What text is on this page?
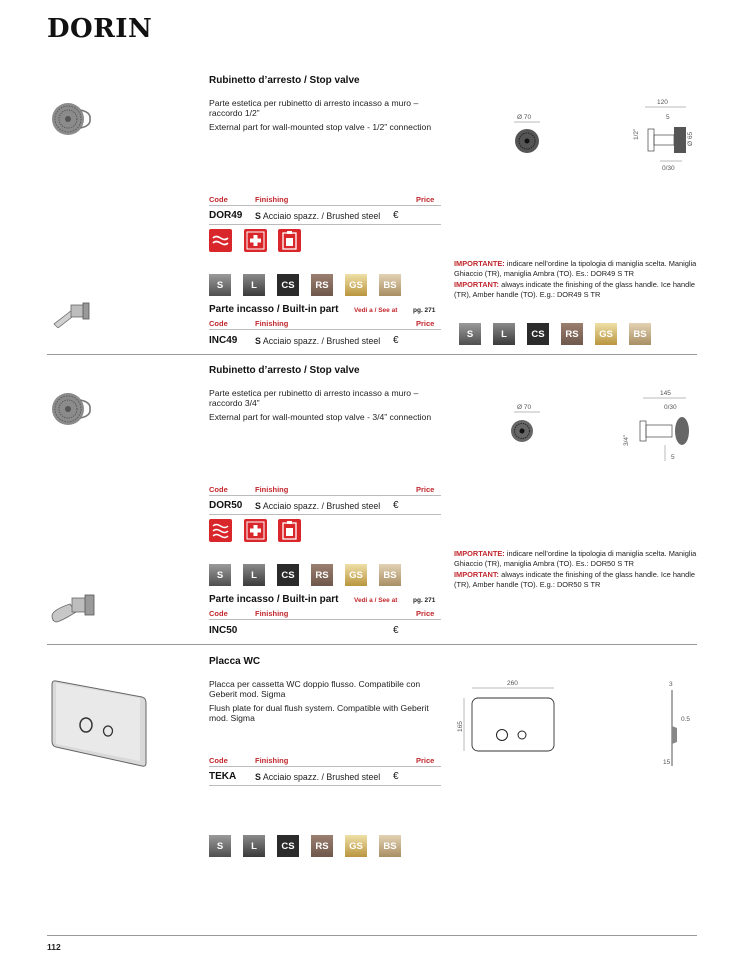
DORIN
Rubinetto d’arresto / Stop valve
Parte estetica per rubinetto di arresto incasso a muro – raccordo 1/2”
External part for wall-mounted stop valve - 1/2” connection
Ø 70
120
5
1/2”	Ø 65
0/30
Code	Finishing	Price
DOR49 S Acciaio spazz. / Brushed steel €
S	L	CS	RS	GS	BS
IMPORTANTE: indicare nell’ordine la tipologia di maniglia scelta. Maniglia Ghiaccio (TR), maniglia Ambra (TO). Es.: DOR49 S TR
IMPORTANT: always indicate the finishing of the glass handle. Ice handle (TR), Amber handle (TO). E.g.: DOR49 S TR
Parte incasso / Built-in part Vedi a / See at pg. 271
Code	Finishing	Price
INC49 S Acciaio spazz. / Brushed steel €
S	L	CS	RS	GS	BS
Rubinetto d’arresto / Stop valve
Parte estetica per rubinetto di arresto incasso a muro – raccordo 3/4”
External part for wall-mounted stop valve - 3/4” connection
Ø 70
145
0/30
3/4”
5
Code	Finishing	Price
DOR50 S Acciaio spazz. / Brushed steel €
S	L	CS	RS	GS	BS
IMPORTANTE: indicare nell’ordine la tipologia di maniglia scelta. Maniglia Ghiaccio (TR), maniglia Ambra (TO). Es.: DOR50 S TR
IMPORTANT: always indicate the finishing of the glass handle. Ice handle (TR), Amber handle (TO). E.g.: DOR50 S TR
Parte incasso / Built-in part Vedi a / See at pg. 271
Code	Finishing	Price
INC50	€
Placca WC
Placca per cassetta WC doppio flusso. Compatibile con Geberit mod. Sigma
Flush plate for dual flush system. Compatible with Geberit mod. Sigma
260
165
3
0.5
15
Code	Finishing	Price
TEKA S Acciaio spazz. / Brushed steel €
S	L	CS	RS	GS	BS
112
